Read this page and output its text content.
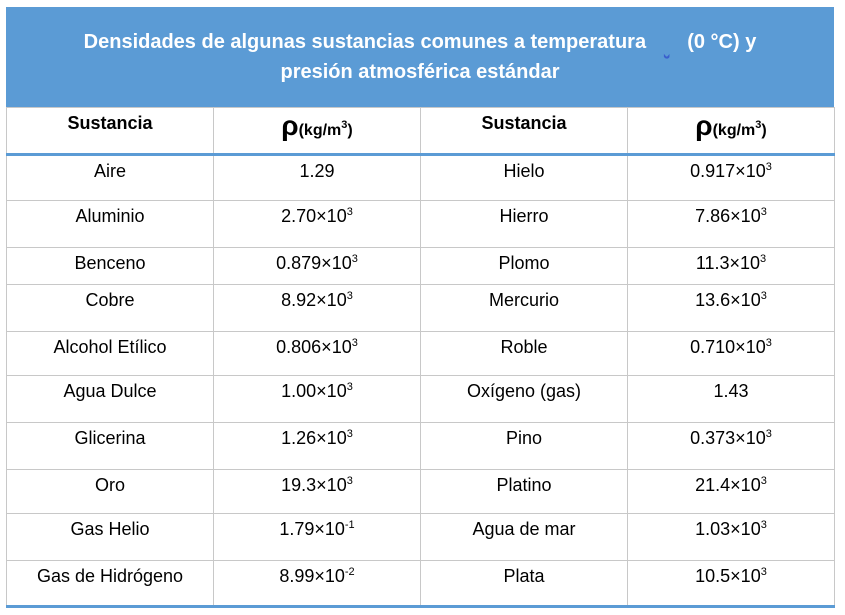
Densidades de algunas sustancias comunes a temperatura (0 °C) y
presión atmosférica estándar
Sustancia	$\rho(kg/m^3)$	Sustancia	$\rho(kg/m^3)$
Aire	1.29	Hielo	$0.917\times 10^3$
Aluminio	$2.70\times 10^3$	Hierro	$7.86\times 10^3$
Benceno	$0.879\times 10^3$	Plomo	$11.3\times 10^3$
Cobre	$8.92\times 10^3$	Mercurio	$13.6\times 10^3$
Alcohol Etílico	$0.806\times 10^3$	Roble	$0.710\times 10^3$
Agua Dulce	$1.00\times 10^3$	Oxígeno (gas)	1.43
Glicerina	$1.26\times 10^3$	Pino	$0.373\times 10^3$
Oro	$19.3\times 10^3$	Platino	$21.4\times 10^3$
Gas Helio	$1.79\times 10^{-1}$	Agua de mar	$1.03\times 10^3$
Gas de Hidrógeno	$8.99\times 10^{-2}$	Plata	$10.5\times 10^3$
